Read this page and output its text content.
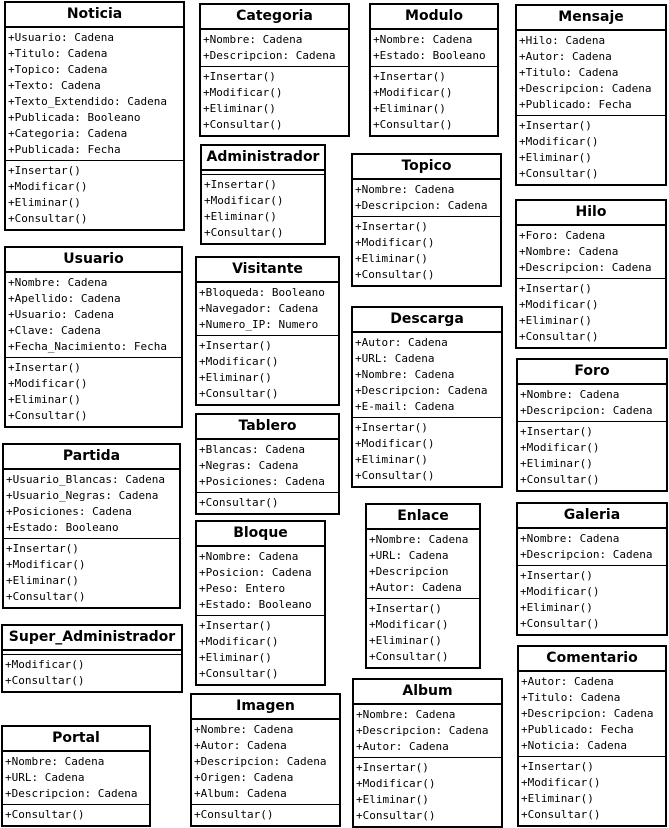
Noticia
+Usuario: Cadena
+Titulo: Cadena
+Topico: Cadena
+Texto: Cadena
+Texto_Extendido: Cadena
+Publicada: Booleano
+Categoria: Cadena
+Publicada: Fecha
+Insertar()
+Modificar()
+Eliminar()
+Consultar()
Categoria
+Nombre: Cadena
+Descripcion: Cadena
+Insertar()
+Modificar()
+Eliminar()
+Consultar()
Modulo
+Nombre: Cadena
+Estado: Booleano
+Insertar()
+Modificar()
+Eliminar()
+Consultar()
Mensaje
+Hilo: Cadena
+Autor: Cadena
+Titulo: Cadena
+Descripcion: Cadena
+Publicado: Fecha
+Insertar()
+Modificar()
+Eliminar()
+Consultar()
Administrador
+Insertar()
+Modificar()
+Eliminar()
+Consultar()
Topico
+Nombre: Cadena
+Descripcion: Cadena
+Insertar()
+Modificar()
+Eliminar()
+Consultar()
Hilo
+Foro: Cadena
+Nombre: Cadena
+Descripcion: Cadena
+Insertar()
+Modificar()
+Eliminar()
+Consultar()
Usuario
+Nombre: Cadena
+Apellido: Cadena
+Usuario: Cadena
+Clave: Cadena
+Fecha_Nacimiento: Fecha
+Insertar()
+Modificar()
+Eliminar()
+Consultar()
Visitante
+Bloqueda: Booleano
+Navegador: Cadena
+Numero_IP: Numero
+Insertar()
+Modificar()
+Eliminar()
+Consultar()
Descarga
+Autor: Cadena
+URL: Cadena
+Nombre: Cadena
+Descripcion: Cadena
+E-mail: Cadena
+Insertar()
+Modificar()
+Eliminar()
+Consultar()
Foro
+Nombre: Cadena
+Descripcion: Cadena
+Insertar()
+Modificar()
+Eliminar()
+Consultar()
Tablero
+Blancas: Cadena
+Negras: Cadena
+Posiciones: Cadena
+Consultar()
Partida
+Usuario_Blancas: Cadena
+Usuario_Negras: Cadena
+Posiciones: Cadena
+Estado: Booleano
+Insertar()
+Modificar()
+Eliminar()
+Consultar()
Bloque
+Nombre: Cadena
+Posicion: Cadena
+Peso: Entero
+Estado: Booleano
+Insertar()
+Modificar()
+Eliminar()
+Consultar()
Enlace
+Nombre: Cadena
+URL: Cadena
+Descripcion
+Autor: Cadena
+Insertar()
+Modificar()
+Eliminar()
+Consultar()
Galeria
+Nombre: Cadena
+Descripcion: Cadena
+Insertar()
+Modificar()
+Eliminar()
+Consultar()
Super_Administrador
+Modificar()
+Consultar()
Comentario
+Autor: Cadena
+Titulo: Cadena
+Descripcion: Cadena
+Publicado: Fecha
+Noticia: Cadena
+Insertar()
+Modificar()
+Eliminar()
+Consultar()
Imagen
+Nombre: Cadena
+Autor: Cadena
+Descripcion: Cadena
+Origen: Cadena
+Album: Cadena
+Consultar()
Album
+Nombre: Cadena
+Descripcion: Cadena
+Autor: Cadena
+Insertar()
+Modificar()
+Eliminar()
+Consultar()
Portal
+Nombre: Cadena
+URL: Cadena
+Descripcion: Cadena
+Consultar()
